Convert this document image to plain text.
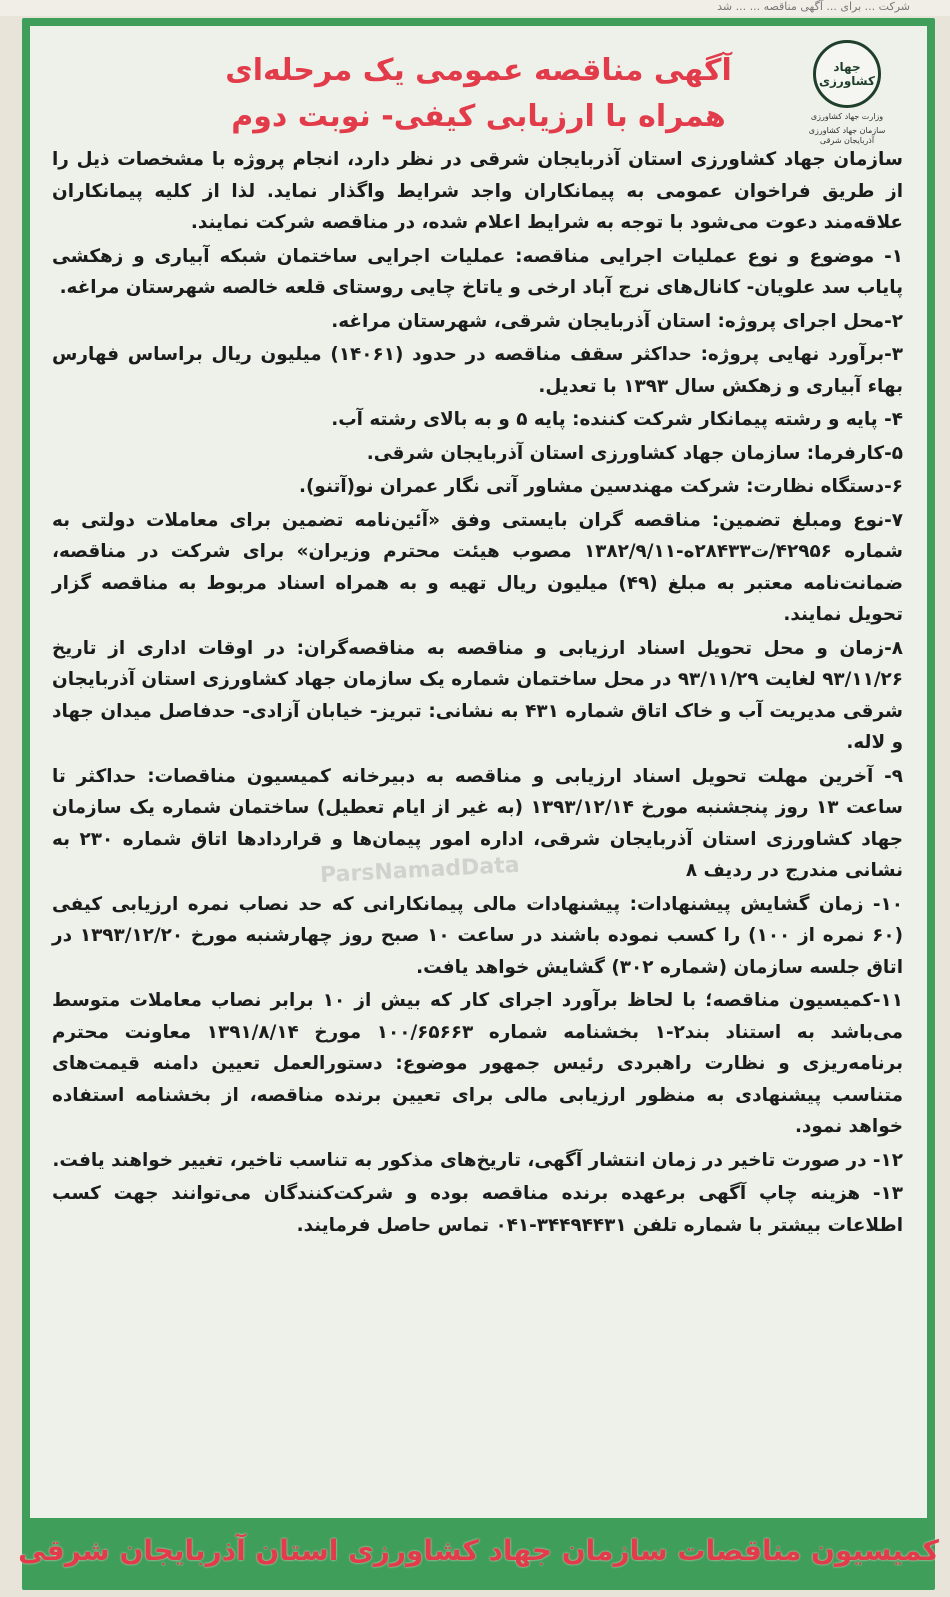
شرکت ... برای ... آگهی مناقصه ... ... شد
جهاد کشاورزی
وزارت جهاد کشاورزی
سازمان جهاد کشاورزی آذربایجان شرقی
آگهی مناقصه عمومی یک مرحله‌ای
همراه با ارزیابی کیفی- نوبت دوم

سازمان جهاد کشاورزی استان آذربایجان شرقی در نظر دارد، انجام پروژه با مشخصات ذیل را از طریق فراخوان عمومی به پیمانکاران واجد شرایط واگذار نماید. لذا از کلیه پیمانکاران علاقه‌مند دعوت می‌شود با توجه به شرایط اعلام شده، در مناقصه شرکت نمایند.

۱- موضوع و نوع عملیات اجرایی مناقصه: عملیات اجرایی ساختمان شبکه آبیاری و زهکشی پایاب سد علویان- کانال‌های نرج آباد ارخی و یاتاخ چایی روستای قلعه خالصه شهرستان مراغه.

۲-محل اجرای پروژه: استان آذربایجان شرقی، شهرستان مراغه.

۳-برآورد نهایی پروژه: حداکثر سقف مناقصه در حدود (۱۴۰۶۱) میلیون ریال براساس فهارس بهاء آبیاری و زهکش سال ۱۳۹۳ با تعدیل.

۴- پایه و رشته پیمانکار شرکت کننده: پایه ۵ و به بالای رشته آب.

۵-کارفرما: سازمان جهاد کشاورزی استان آذربایجان شرقی.

۶-دستگاه نظارت: شرکت مهندسین مشاور آتی نگار عمران نو(آتنو).

۷-نوع ومبلغ تضمین: مناقصه گران بایستی وفق «آئین‌نامه تضمین برای معاملات دولتی به شماره ۴۲۹۵۶/ت۲۸۴۳۳ه-۱۳۸۲/۹/۱۱ مصوب هیئت محترم وزیران» برای شرکت در مناقصه، ضمانت‌نامه معتبر به مبلغ (۴۹) میلیون ریال تهیه و به همراه اسناد مربوط به مناقصه گزار تحویل نمایند.

۸-زمان و محل تحویل اسناد ارزیابی و مناقصه به مناقصه‌گران: در اوقات اداری از تاریخ ۹۳/۱۱/۲۶ لغایت ۹۳/۱۱/۲۹ در محل ساختمان شماره یک سازمان جهاد کشاورزی استان آذربایجان شرقی مدیریت آب و خاک اتاق شماره ۴۳۱ به نشانی: تبریز- خیابان آزادی- حدفاصل میدان جهاد و لاله.

۹- آخرین مهلت تحویل اسناد ارزیابی و مناقصه به دبیرخانه کمیسیون مناقصات: حداکثر تا ساعت ۱۳ روز پنجشنبه مورخ ۱۳۹۳/۱۲/۱۴ (به غیر از ایام تعطیل) ساختمان شماره یک سازمان جهاد کشاورزی استان آذربایجان شرقی، اداره امور پیمان‌ها و قراردادها اتاق شماره ۲۳۰ به نشانی مندرج در ردیف ۸

۱۰- زمان گشایش پیشنهادات: پیشنهادات مالی پیمانکارانی که حد نصاب نمره ارزیابی کیفی (۶۰ نمره از ۱۰۰) را کسب نموده باشند در ساعت ۱۰ صبح روز چهارشنبه مورخ ۱۳۹۳/۱۲/۲۰ در اتاق جلسه سازمان (شماره ۳۰۲) گشایش خواهد یافت.

۱۱-کمیسیون مناقصه؛ با لحاظ برآورد اجرای کار که بیش از ۱۰ برابر نصاب معاملات متوسط می‌باشد به استناد بند۲-۱ بخشنامه شماره ۱۰۰/۶۵۶۶۳ مورخ ۱۳۹۱/۸/۱۴ معاونت محترم برنامه‌ریزی و نظارت راهبردی رئیس جمهور موضوع: دستورالعمل تعیین دامنه قیمت‌های متناسب پیشنهادی به منظور ارزیابی مالی برای تعیین برنده مناقصه، از بخشنامه استفاده خواهد نمود.

۱۲- در صورت تاخیر در زمان انتشار آگهی، تاریخ‌های مذکور به تناسب تاخیر، تغییر خواهند یافت.

۱۳- هزینه چاپ آگهی برعهده برنده مناقصه بوده و شرکت‌کنندگان می‌توانند جهت کسب اطلاعات بیشتر با شماره تلفن ۳۴۴۹۴۴۳۱-۰۴۱ تماس حاصل فرمایند.

ParsNamadData
کمیسیون مناقصات سازمان جهاد کشاورزی استان آذربایجان شرقی
